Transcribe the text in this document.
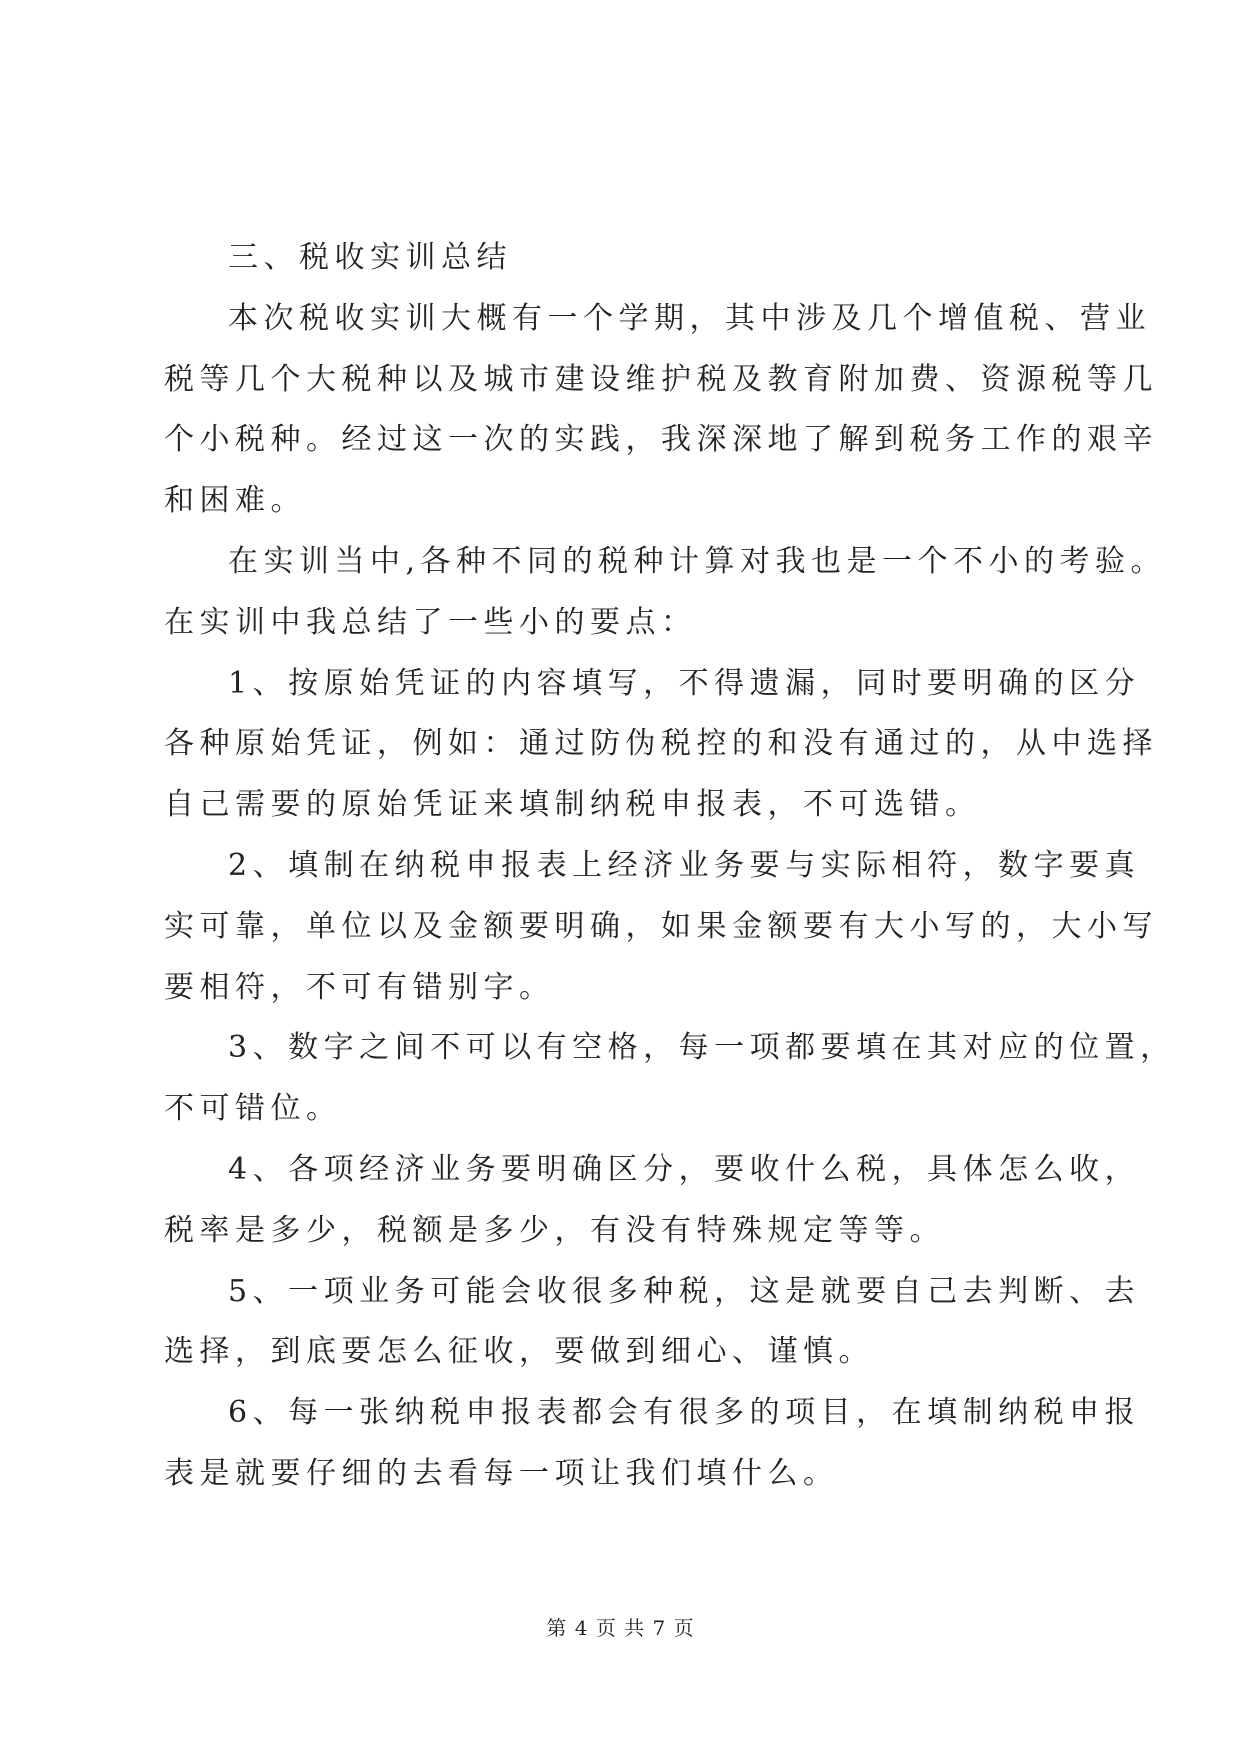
三、税收实训总结
本次税收实训大概有一个学期，其中涉及几个增值税、营业
税等几个大税种以及城市建设维护税及教育附加费、资源税等几
个小税种。经过这一次的实践，我深深地了解到税务工作的艰辛
和困难。
在实训当中,各种不同的税种计算对我也是一个不小的考验。
在实训中我总结了一些小的要点：
1、按原始凭证的内容填写，不得遗漏，同时要明确的区分
各种原始凭证，例如：通过防伪税控的和没有通过的，从中选择
自己需要的原始凭证来填制纳税申报表，不可选错。
2、填制在纳税申报表上经济业务要与实际相符，数字要真
实可靠，单位以及金额要明确，如果金额要有大小写的，大小写
要相符，不可有错别字。
3、数字之间不可以有空格，每一项都要填在其对应的位置，
不可错位。
4、各项经济业务要明确区分，要收什么税，具体怎么收，
税率是多少，税额是多少，有没有特殊规定等等。
5、一项业务可能会收很多种税，这是就要自己去判断、去
选择，到底要怎么征收，要做到细心、谨慎。
6、每一张纳税申报表都会有很多的项目，在填制纳税申报
表是就要仔细的去看每一项让我们填什么。
第 4 页 共 7 页
